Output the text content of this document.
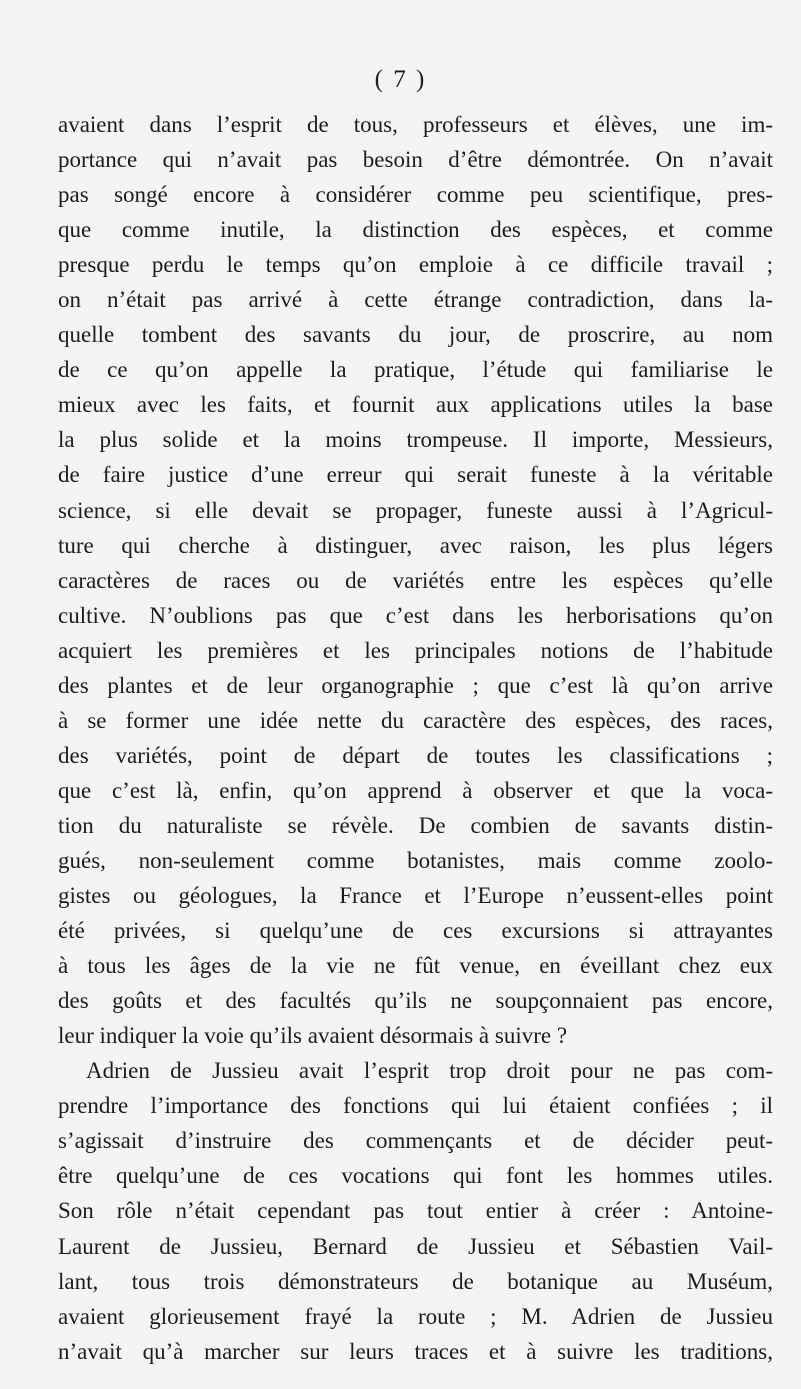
( 7 )
avaient dans l’esprit de tous, professeurs et élèves, une im-
portance qui n’avait pas besoin d’être démontrée. On n’avait
pas songé encore à considérer comme peu scientifique, pres-
que comme inutile, la distinction des espèces, et comme
presque perdu le temps qu’on emploie à ce difficile travail ;
on n’était pas arrivé à cette étrange contradiction, dans la-
quelle tombent des savants du jour, de proscrire, au nom
de ce qu’on appelle la pratique, l’étude qui familiarise le
mieux avec les faits, et fournit aux applications utiles la base
la plus solide et la moins trompeuse. Il importe, Messieurs,
de faire justice d’une erreur qui serait funeste à la véritable
science, si elle devait se propager, funeste aussi à l’Agricul-
ture qui cherche à distinguer, avec raison, les plus légers
caractères de races ou de variétés entre les espèces qu’elle
cultive. N’oublions pas que c’est dans les herborisations qu’on
acquiert les premières et les principales notions de l’habitude
des plantes et de leur organographie ; que c’est là qu’on arrive
à se former une idée nette du caractère des espèces, des races,
des variétés, point de départ de toutes les classifications ;
que c’est là, enfin, qu’on apprend à observer et que la voca-
tion du naturaliste se révèle. De combien de savants distin-
gués, non-seulement comme botanistes, mais comme zoolo-
gistes ou géologues, la France et l’Europe n’eussent-elles point
été privées, si quelqu’une de ces excursions si attrayantes
à tous les âges de la vie ne fût venue, en éveillant chez eux
des goûts et des facultés qu’ils ne soupçonnaient pas encore,
leur indiquer la voie qu’ils avaient désormais à suivre ?
Adrien de Jussieu avait l’esprit trop droit pour ne pas com-
prendre l’importance des fonctions qui lui étaient confiées ; il
s’agissait d’instruire des commençants et de décider peut-
être quelqu’une de ces vocations qui font les hommes utiles.
Son rôle n’était cependant pas tout entier à créer : Antoine-
Laurent de Jussieu, Bernard de Jussieu et Sébastien Vail-
lant, tous trois démonstrateurs de botanique au Muséum,
avaient glorieusement frayé la route ; M. Adrien de Jussieu
n’avait qu’à marcher sur leurs traces et à suivre les traditions,
